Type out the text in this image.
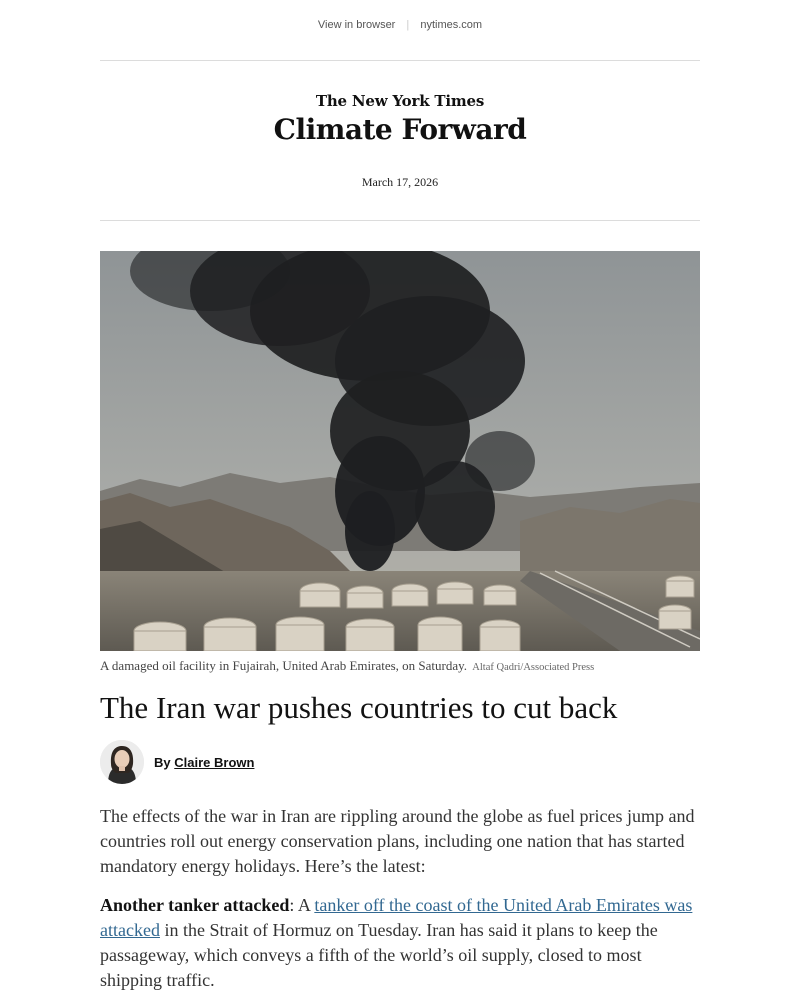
View in browser | nytimes.com
The New York Times
Climate Forward
March 17, 2026
A damaged oil facility in Fujairah, United Arab Emirates, on Saturday. Altaf Qadri/Associated Press
The Iran war pushes countries to cut back
By Claire Brown

The effects of the war in Iran are rippling around the globe as fuel prices jump and countries roll out energy conservation plans, including one nation that has started mandatory energy holidays. Here’s the latest:

Another tanker attacked: A tanker off the coast of the United Arab Emirates was attacked in the Strait of Hormuz on Tuesday. Iran has said it plans to keep the passageway, which conveys a fifth of the world’s oil supply, closed to most shipping traffic.
